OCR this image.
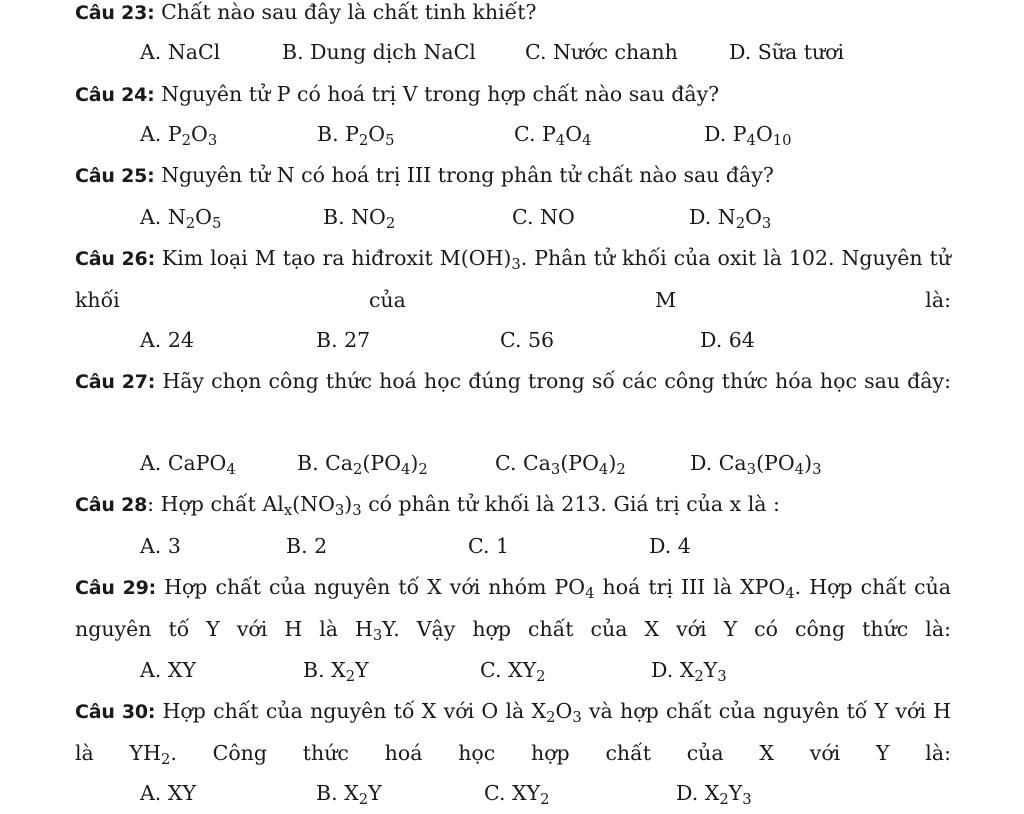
Câu 23: Chất nào sau đây là chất tinh khiết?
A. NaCl	B. Dung dịch NaCl C. Nước chanh D. Sữa tươi
Câu 24: Nguyên tử P có hoá trị V trong hợp chất nào sau đây?
A. $P_2O_3$	B. $P_2O_5$	C. $P_4O_4$	D. $P_4O_{10}$
Câu 25: Nguyên tử N có hoá trị III trong phân tử chất nào sau đây?
A. $N_2O_5$	B. $NO_2$	C. NO	D. $N_2O_3$
Câu 26: Kim loại M tạo ra hiđroxit $M(OH)_3$. Phân tử khối của oxit là 102. Nguyên tử khối của M là:
A. 24	B. 27	C. 56	D. 64
Câu 27: Hãy chọn công thức hoá học đúng trong số các công thức hóa học sau đây:
A. CaPO$_4$	B. $Ca_2(PO_4)_2$	C. $Ca_3(PO_4)_2$	D. $Ca_3(PO_4)_3$
Câu 28: Hợp chất $Al_x(NO_3)_3$ có phân tử khối là 213. Giá trị của x là :
A. 3	B. 2	C. 1	D. 4
Câu 29: Hợp chất của nguyên tố X với nhóm $PO_4$ hoá trị III là $XPO_4$. Hợp chất của nguyên tố Y với H là $H_3Y$. Vậy hợp chất của X với Y có công thức là:
A. XY	B. $X_2Y$	C. $XY_2$	D. $X_2Y_3$
Câu 30: Hợp chất của nguyên tố X với O là $X_2O_3$ và hợp chất của nguyên tố Y với H là $YH_2$. Công thức hoá học hợp chất của X với Y là:
A. XY	B. $X_2Y$	C. $XY_2$	D. $X_2Y_3$
